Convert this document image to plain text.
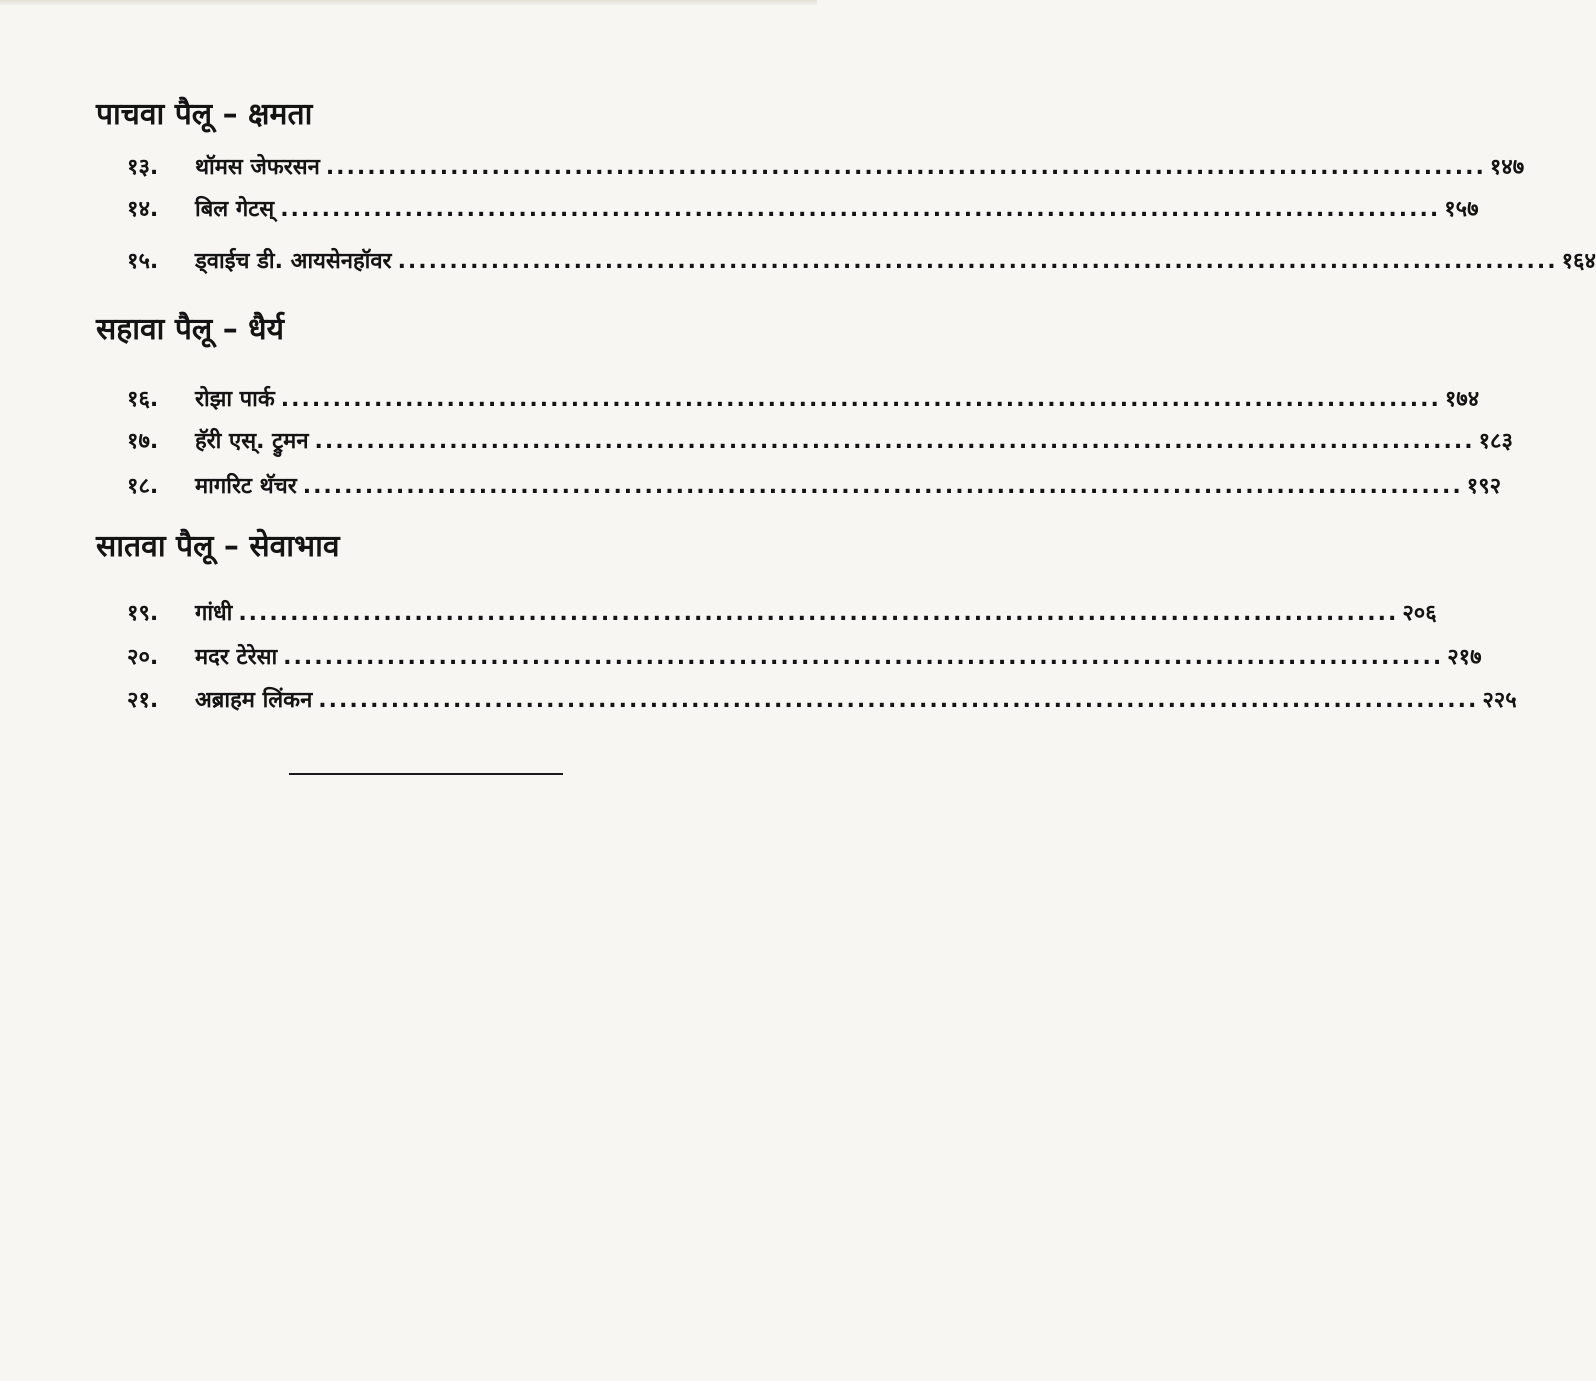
पाचवा पैलू – क्षमता
१३.	थॉमस जेफरसन ................................................................................................................ १४७
१४.	बिल गेटस् ................................................................................................................ १५७
१५.	ड्वाईच डी. आयसेनहॉवर ................................................................................................................ १६४
सहावा पैलू – धैर्य
१६.	रोझा पार्क ................................................................................................................ १७४
१७.	हॅरी एस्. ट्रुमन ................................................................................................................ १८३
१८.	मागरिट थॅचर ................................................................................................................ १९२
सातवा पैलू – सेवाभाव
१९.	गांधी ................................................................................................................ २०६
२०.	मदर टेरेसा ................................................................................................................ २१७
२१.	अब्राहम लिंकन ................................................................................................................ २२५
